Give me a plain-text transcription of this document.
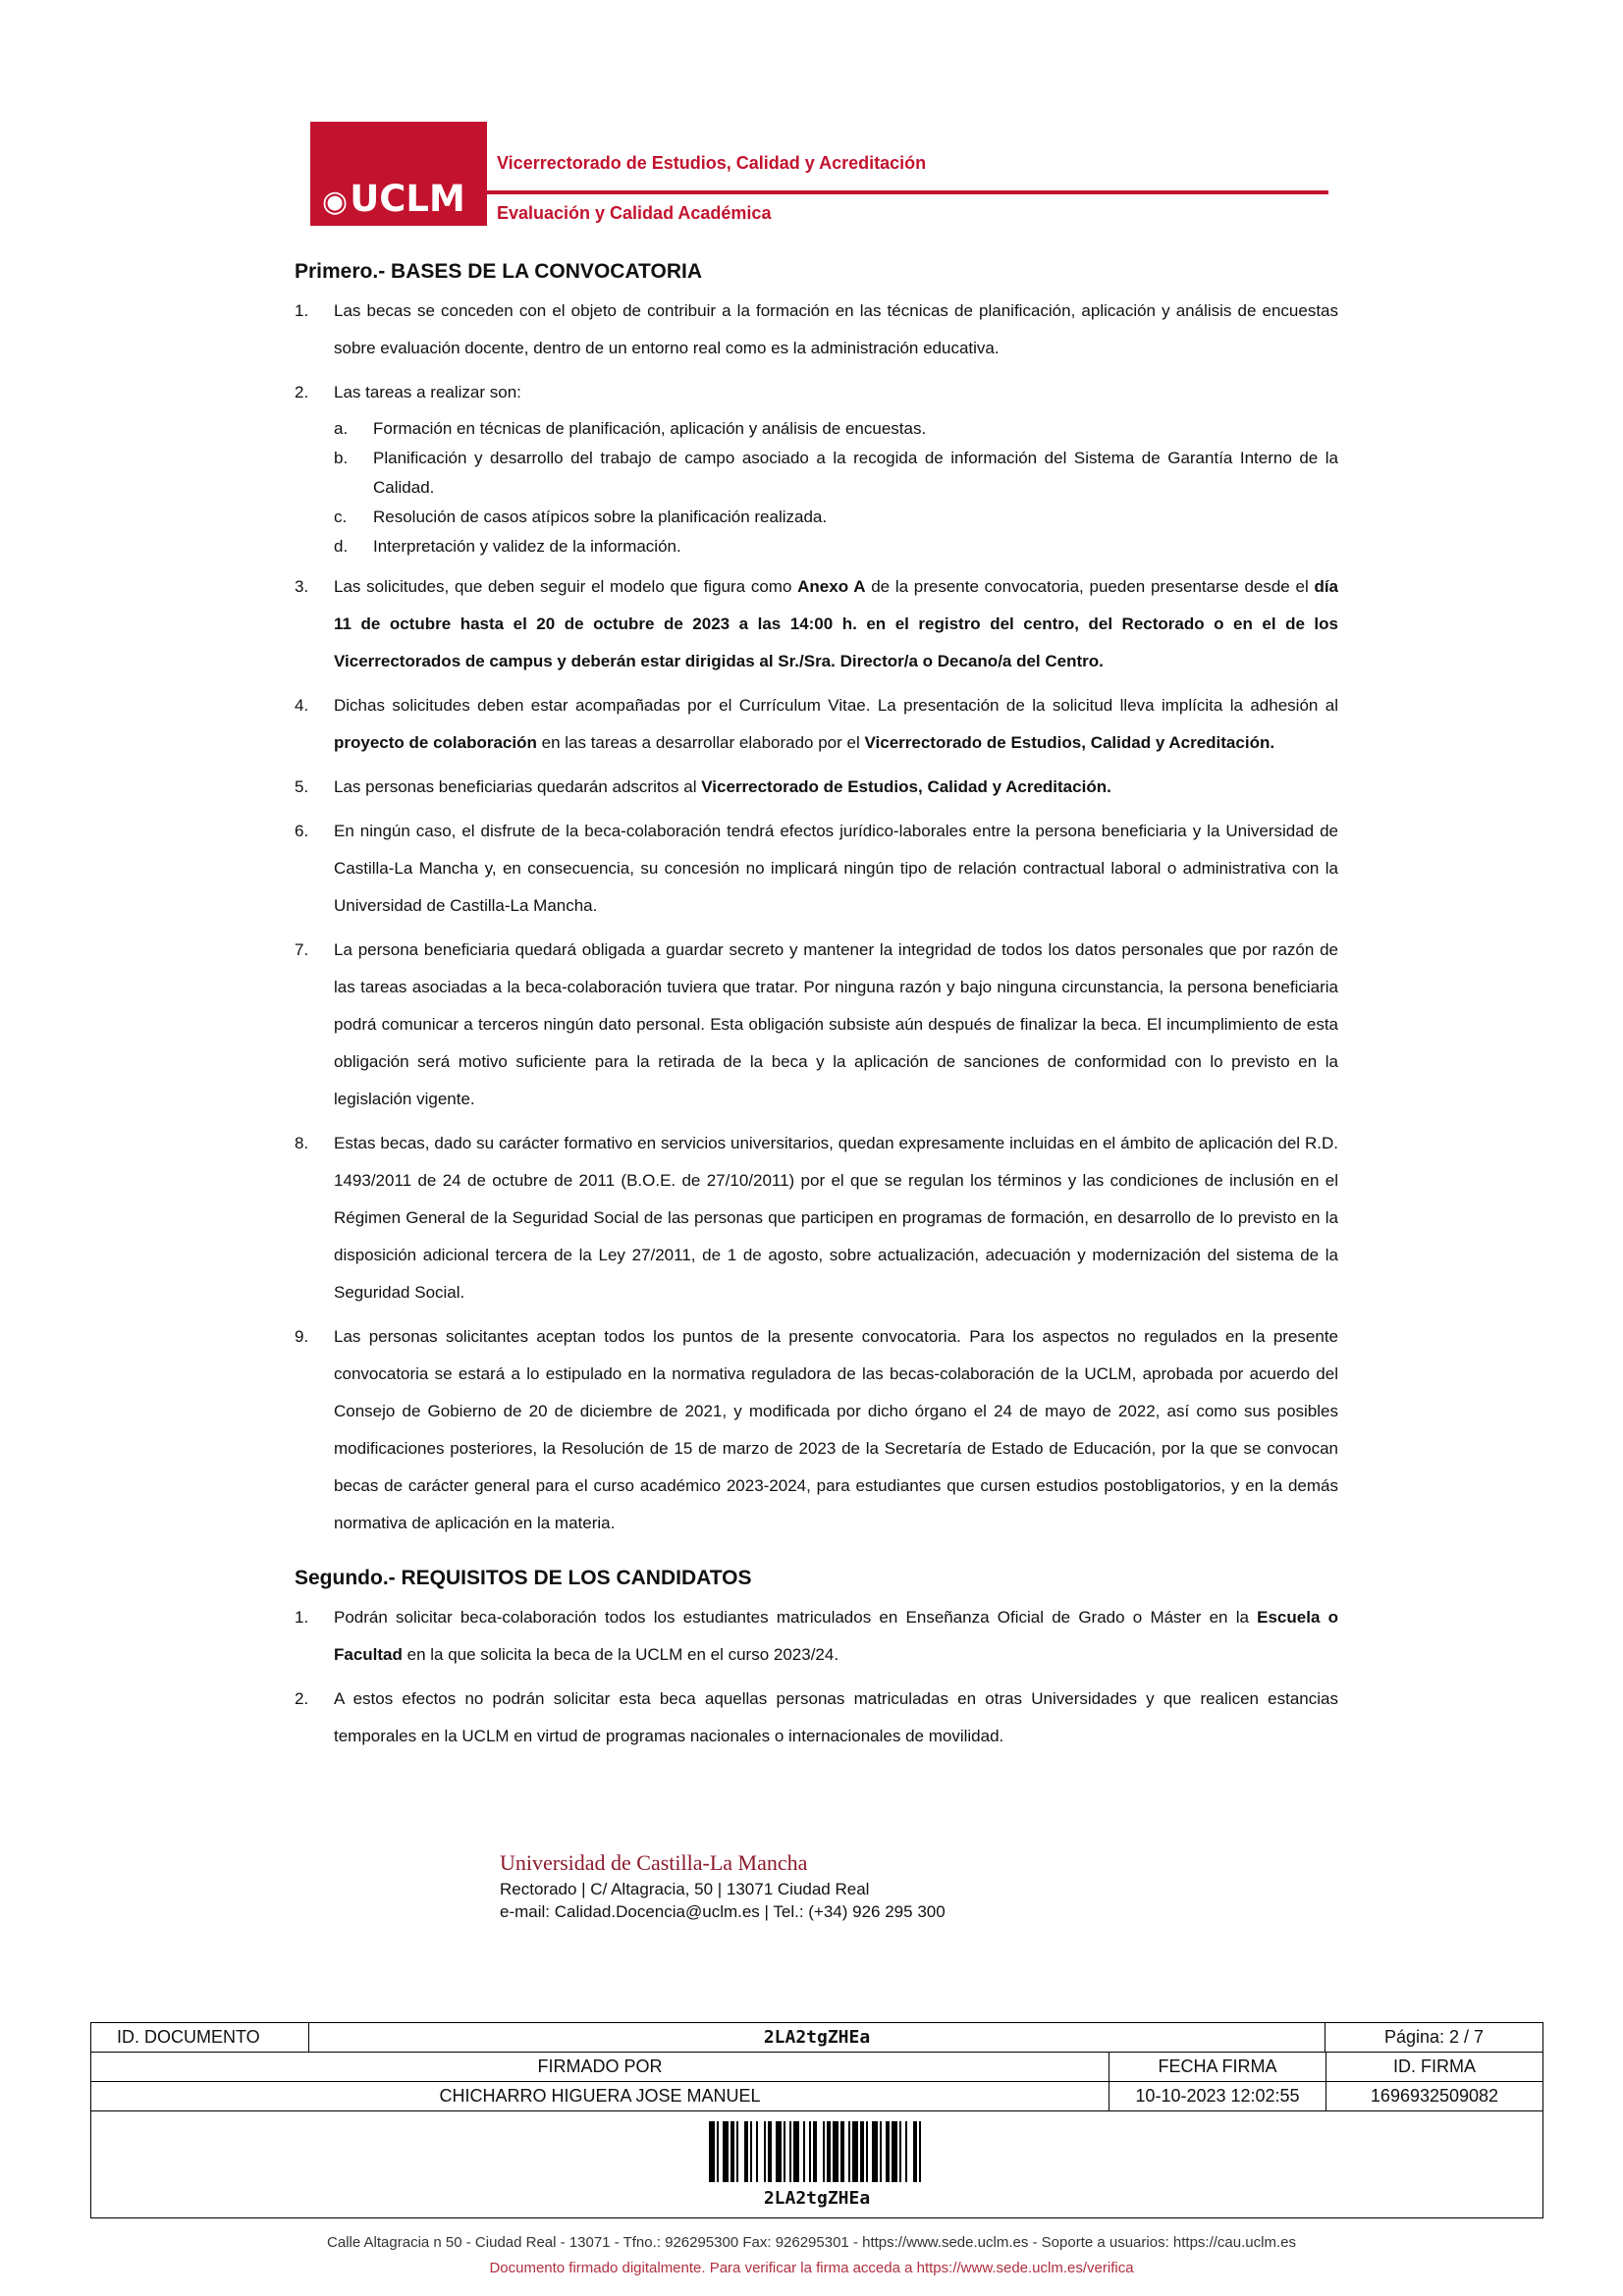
◉UCLM
Vicerrectorado de Estudios, Calidad y Acreditación
Evaluación y Calidad Académica
Primero.- BASES DE LA CONVOCATORIA
1. Las becas se conceden con el objeto de contribuir a la formación en las técnicas de planificación, aplicación y análisis de encuestas sobre evaluación docente, dentro de un entorno real como es la administración educativa.
2. Las tareas a realizar son:
a. Formación en técnicas de planificación, aplicación y análisis de encuestas.
b. Planificación y desarrollo del trabajo de campo asociado a la recogida de información del Sistema de Garantía Interno de la Calidad.
c. Resolución de casos atípicos sobre la planificación realizada.
d. Interpretación y validez de la información.
3. Las solicitudes, que deben seguir el modelo que figura como Anexo A de la presente convocatoria, pueden presentarse desde el día 11 de octubre hasta el 20 de octubre de 2023 a las 14:00 h. en el registro del centro, del Rectorado o en el de los Vicerrectorados de campus y deberán estar dirigidas al Sr./Sra. Director/a o Decano/a del Centro.
4. Dichas solicitudes deben estar acompañadas por el Currículum Vitae. La presentación de la solicitud lleva implícita la adhesión al proyecto de colaboración en las tareas a desarrollar elaborado por el Vicerrectorado de Estudios, Calidad y Acreditación.
5. Las personas beneficiarias quedarán adscritos al Vicerrectorado de Estudios, Calidad y Acreditación.
6. En ningún caso, el disfrute de la beca-colaboración tendrá efectos jurídico-laborales entre la persona beneficiaria y la Universidad de Castilla-La Mancha y, en consecuencia, su concesión no implicará ningún tipo de relación contractual laboral o administrativa con la Universidad de Castilla-La Mancha.
7. La persona beneficiaria quedará obligada a guardar secreto y mantener la integridad de todos los datos personales que por razón de las tareas asociadas a la beca-colaboración tuviera que tratar. Por ninguna razón y bajo ninguna circunstancia, la persona beneficiaria podrá comunicar a terceros ningún dato personal. Esta obligación subsiste aún después de finalizar la beca. El incumplimiento de esta obligación será motivo suficiente para la retirada de la beca y la aplicación de sanciones de conformidad con lo previsto en la legislación vigente.
8. Estas becas, dado su carácter formativo en servicios universitarios, quedan expresamente incluidas en el ámbito de aplicación del R.D. 1493/2011 de 24 de octubre de 2011 (B.O.E. de 27/10/2011) por el que se regulan los términos y las condiciones de inclusión en el Régimen General de la Seguridad Social de las personas que participen en programas de formación, en desarrollo de lo previsto en la disposición adicional tercera de la Ley 27/2011, de 1 de agosto, sobre actualización, adecuación y modernización del sistema de la Seguridad Social.
9. Las personas solicitantes aceptan todos los puntos de la presente convocatoria. Para los aspectos no regulados en la presente convocatoria se estará a lo estipulado en la normativa reguladora de las becas-colaboración de la UCLM, aprobada por acuerdo del Consejo de Gobierno de 20 de diciembre de 2021, y modificada por dicho órgano el 24 de mayo de 2022, así como sus posibles modificaciones posteriores, la Resolución de 15 de marzo de 2023 de la Secretaría de Estado de Educación, por la que se convocan becas de carácter general para el curso académico 2023-2024, para estudiantes que cursen estudios postobligatorios, y en la demás normativa de aplicación en la materia.
Segundo.- REQUISITOS DE LOS CANDIDATOS
1. Podrán solicitar beca-colaboración todos los estudiantes matriculados en Enseñanza Oficial de Grado o Máster en la Escuela o Facultad en la que solicita la beca de la UCLM en el curso 2023/24.
2. A estos efectos no podrán solicitar esta beca aquellas personas matriculadas en otras Universidades y que realicen estancias temporales en la UCLM en virtud de programas nacionales o internacionales de movilidad.
Universidad de Castilla-La Mancha
Rectorado | C/ Altagracia, 50 | 13071 Ciudad Real
e-mail: Calidad.Docencia@uclm.es | Tel.: (+34) 926 295 300
ID. DOCUMENTO	2LA2tgZHEa	Página: 2 / 7
FIRMADO POR	FECHA FIRMA	ID. FIRMA
CHICHARRO HIGUERA JOSE MANUEL	10-10-2023 12:02:55	1696932509082
2LA2tgZHEa
Calle Altagracia n 50 - Ciudad Real - 13071 - Tfno.: 926295300 Fax: 926295301 - https://www.sede.uclm.es - Soporte a usuarios: https://cau.uclm.es
Documento firmado digitalmente. Para verificar la firma acceda a https://www.sede.uclm.es/verifica
